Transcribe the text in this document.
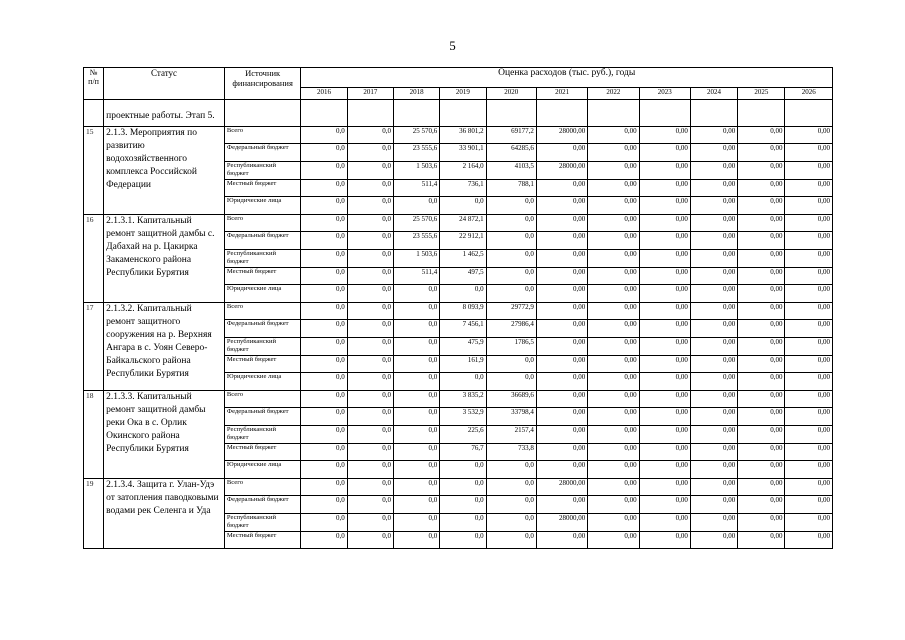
5
№ п/п	Статус	Источник финансирования	Оценка расходов (тыс. руб.), годы										
			2016	2017	2018	2019	2020	2021	2022	2023	2024	2025	2026
	проектные работы. Этап 5.												
15	2.1.3. Мероприятия по развитию водохозяйственного комплекса Российской Федерации	Всего	0,0	0,0	25 570,6	36 801,2	69177,2	28000,00	0,00	0,00	0,00	0,00	0,00
		Федеральный бюджет	0,0	0,0	23 555,6	33 901,1	64285,6	0,00	0,00	0,00	0,00	0,00	0,00
		Республиканский бюджет	0,0	0,0	1 503,6	2 164,0	4103,5	28000,00	0,00	0,00	0,00	0,00	0,00
		Местный бюджет	0,0	0,0	511,4	736,1	788,1	0,00	0,00	0,00	0,00	0,00	0,00
		Юридические лица	0,0	0,0	0,0	0,0	0,0	0,00	0,00	0,00	0,00	0,00	0,00
16	2.1.3.1. Капитальный ремонт защитной дамбы с. Дабахай на р. Цакирка Закаменского района Республики Бурятия	Всего	0,0	0,0	25 570,6	24 872,1	0,0	0,00	0,00	0,00	0,00	0,00	0,00
		Федеральный бюджет	0,0	0,0	23 555,6	22 912,1	0,0	0,00	0,00	0,00	0,00	0,00	0,00
		Республиканский бюджет	0,0	0,0	1 503,6	1 462,5	0,0	0,00	0,00	0,00	0,00	0,00	0,00
		Местный бюджет	0,0	0,0	511,4	497,5	0,0	0,00	0,00	0,00	0,00	0,00	0,00
		Юридические лица	0,0	0,0	0,0	0,0	0,0	0,00	0,00	0,00	0,00	0,00	0,00
17	2.1.3.2. Капитальный ремонт защитного сооружения на р. Верхняя Ангара в с. Уоян Северо-Байкальского района Республики Бурятия	Всего	0,0	0,0	0,0	8 093,9	29772,9	0,00	0,00	0,00	0,00	0,00	0,00
		Федеральный бюджет	0,0	0,0	0,0	7 456,1	27986,4	0,00	0,00	0,00	0,00	0,00	0,00
		Республиканский бюджет	0,0	0,0	0,0	475,9	1786,5	0,00	0,00	0,00	0,00	0,00	0,00
		Местный бюджет	0,0	0,0	0,0	161,9	0,0	0,00	0,00	0,00	0,00	0,00	0,00
		Юридические лица	0,0	0,0	0,0	0,0	0,0	0,00	0,00	0,00	0,00	0,00	0,00
18	2.1.3.3. Капитальный ремонт защитной дамбы реки Ока в с. Орлик Окинского района Республики Бурятия	Всего	0,0	0,0	0,0	3 835,2	36689,6	0,00	0,00	0,00	0,00	0,00	0,00
		Федеральный бюджет	0,0	0,0	0,0	3 532,9	33798,4	0,00	0,00	0,00	0,00	0,00	0,00
		Республиканский бюджет	0,0	0,0	0,0	225,6	2157,4	0,00	0,00	0,00	0,00	0,00	0,00
		Местный бюджет	0,0	0,0	0,0	76,7	733,8	0,00	0,00	0,00	0,00	0,00	0,00
		Юридические лица	0,0	0,0	0,0	0,0	0,0	0,00	0,00	0,00	0,00	0,00	0,00
19	2.1.3.4. Защита г. Улан-Удэ от затопления паводковыми водами рек Селенга и Уда	Всего	0,0	0,0	0,0	0,0	0,0	28000,00	0,00	0,00	0,00	0,00	0,00
		Федеральный бюджет	0,0	0,0	0,0	0,0	0,0	0,00	0,00	0,00	0,00	0,00	0,00
		Республиканский бюджет	0,0	0,0	0,0	0,0	0,0	28000,00	0,00	0,00	0,00	0,00	0,00
		Местный бюджет	0,0	0,0	0,0	0,0	0,0	0,00	0,00	0,00	0,00	0,00	0,00
